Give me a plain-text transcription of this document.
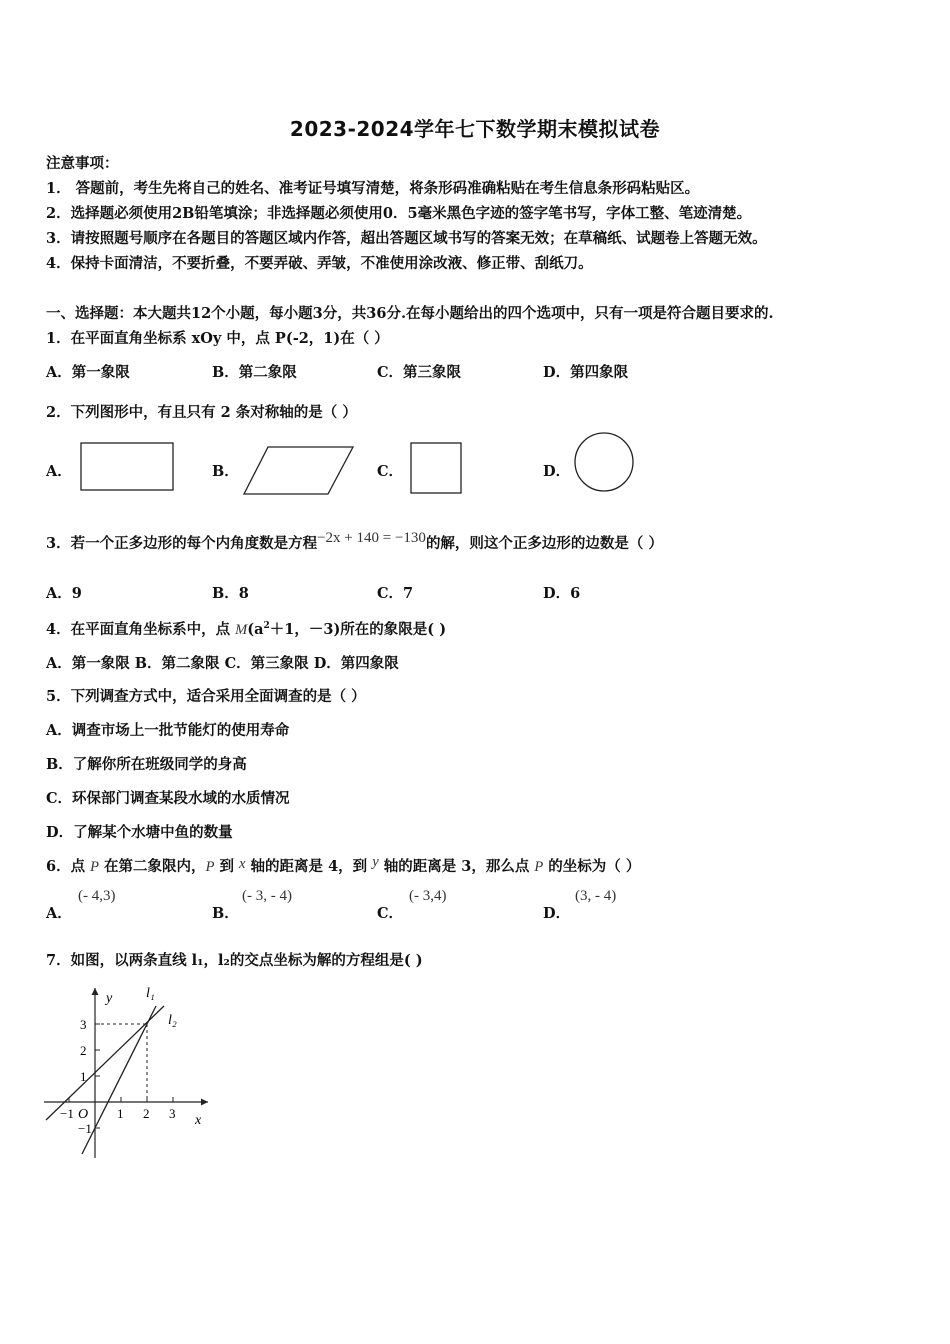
2023-2024学年七下数学期末模拟试卷
注意事项：
1． 答题前，考生先将自己的姓名、准考证号填写清楚，将条形码准确粘贴在考生信息条形码粘贴区。
2．选择题必须使用2B铅笔填涂；非选择题必须使用0．5毫米黑色字迹的签字笔书写，字体工整、笔迹清楚。
3．请按照题号顺序在各题目的答题区域内作答，超出答题区域书写的答案无效；在草稿纸、试题卷上答题无效。
4．保持卡面清洁，不要折叠，不要弄破、弄皱，不准使用涂改液、修正带、刮纸刀。
一、选择题：本大题共12个小题，每小题3分，共36分.在每小题给出的四个选项中，只有一项是符合题目要求的.
1．在平面直角坐标系 xOy 中，点 P(-2，1)在（ ）
A．第一象限	B．第二象限	C．第三象限	D．第四象限
2．下列图形中，有且只有 2 条对称轴的是（ ）
A．	B．	C．	D．
3．若一个正多边形的每个内角度数是方程−2x + 140 = −130的解，则这个正多边形的边数是（ ）
A．9	B．8	C．7	D．6
4．在平面直角坐标系中，点 $M(a^2+1$，－3)所在的象限是( )
A．第一象限 B．第二象限 C．第三象限 D．第四象限
5．下列调查方式中，适合采用全面调查的是（ ）
A．调查市场上一批节能灯的使用寿命
B．了解你所在班级同学的身高
C．环保部门调查某段水域的水质情况
D．了解某个水塘中鱼的数量
6．点 P 在第二象限内，P 到 x 轴的距离是 4，到 y 轴的距离是 3，那么点 P 的坐标为（ ）
A．
(- 4,3)
B．
(- 3, - 4)
C．
(- 3,4)
D．
(3, - 4)
7．如图，以两条直线 l₁，l₂的交点坐标为解的方程组是( )
y
x
O
l₁
l₂
3
2
1
−1
−1	1 2 3
